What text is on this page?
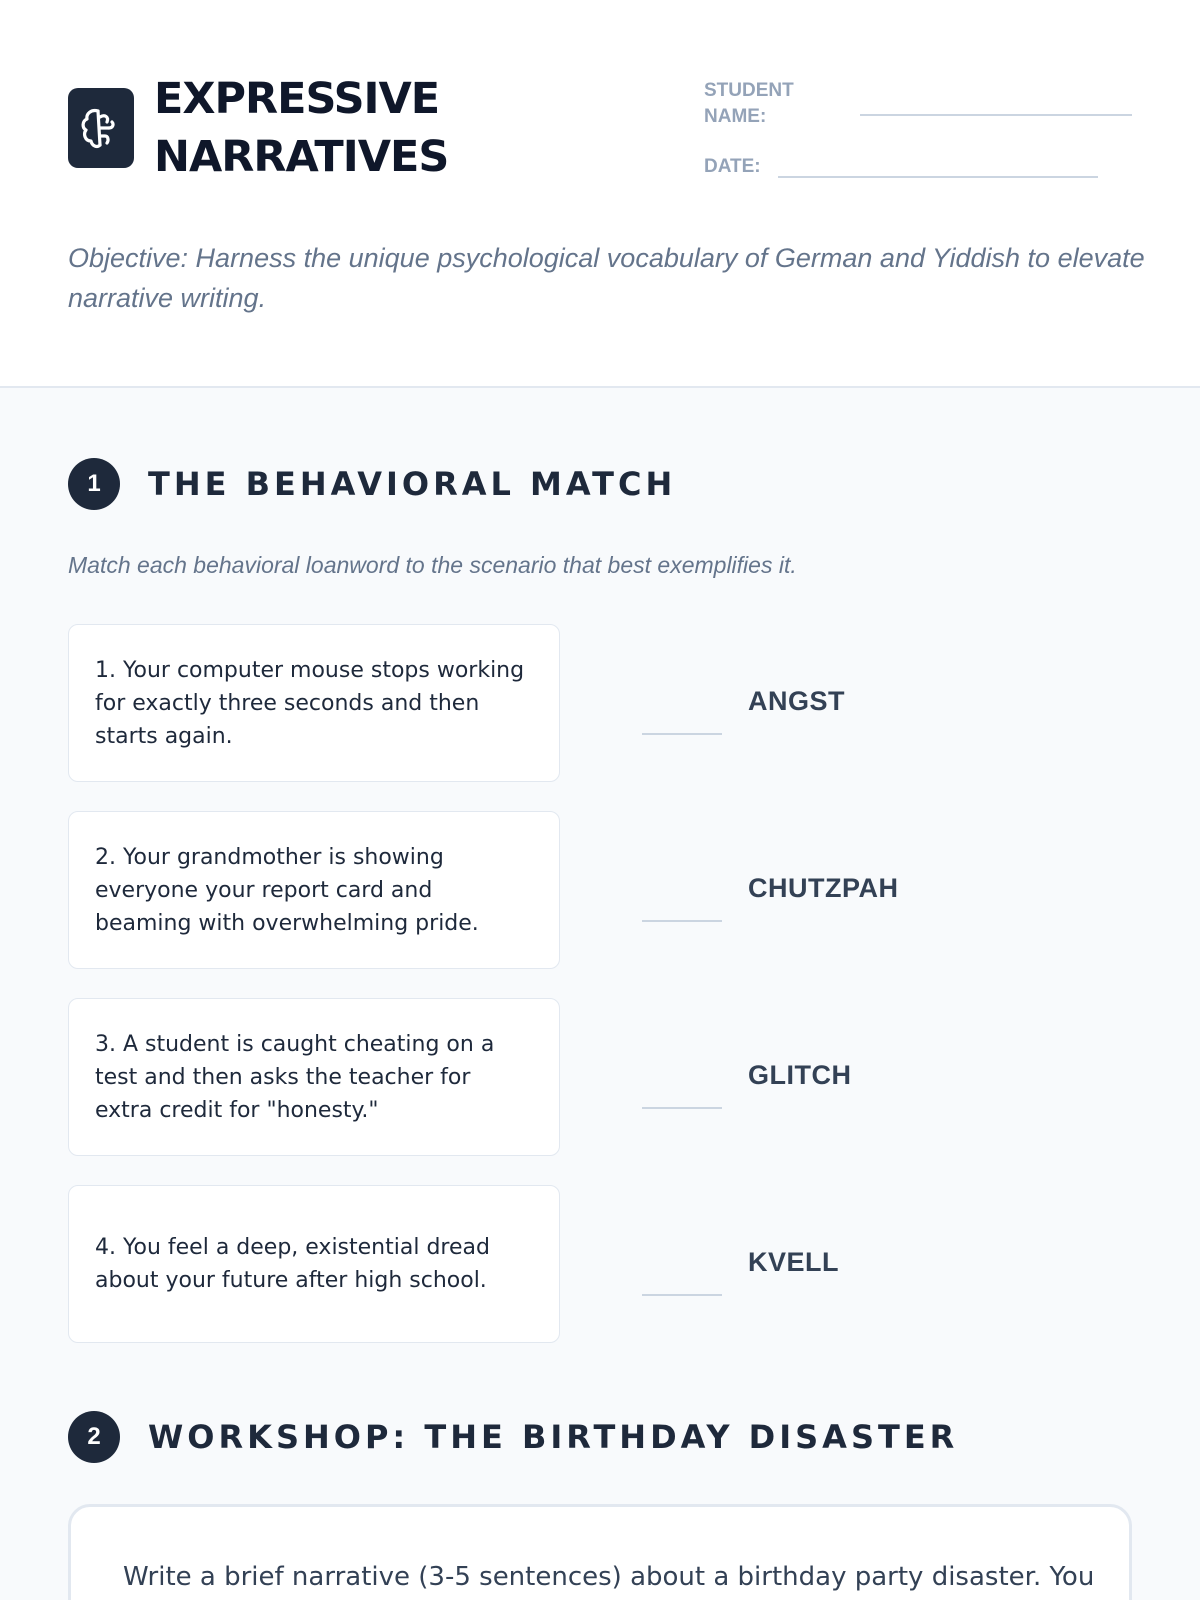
EXPRESSIVE
NARRATIVES
STUDENT NAME:
DATE:
Objective: Harness the unique psychological vocabulary of German and Yiddish to elevate narrative writing.
1	THE BEHAVIORAL MATCH
Match each behavioral loanword to the scenario that best exemplifies it.
1. Your computer mouse stops working for exactly three seconds and then starts again.
ANGST
2. Your grandmother is showing everyone your report card and beaming with overwhelming pride.
CHUTZPAH
3. A student is caught cheating on a test and then asks the teacher for extra credit for "honesty."
GLITCH
4. You feel a deep, existential dread about your future after high school.
KVELL
2	WORKSHOP: THE BIRTHDAY DISASTER
Write a brief narrative (3-5 sentences) about a birthday party disaster. You
